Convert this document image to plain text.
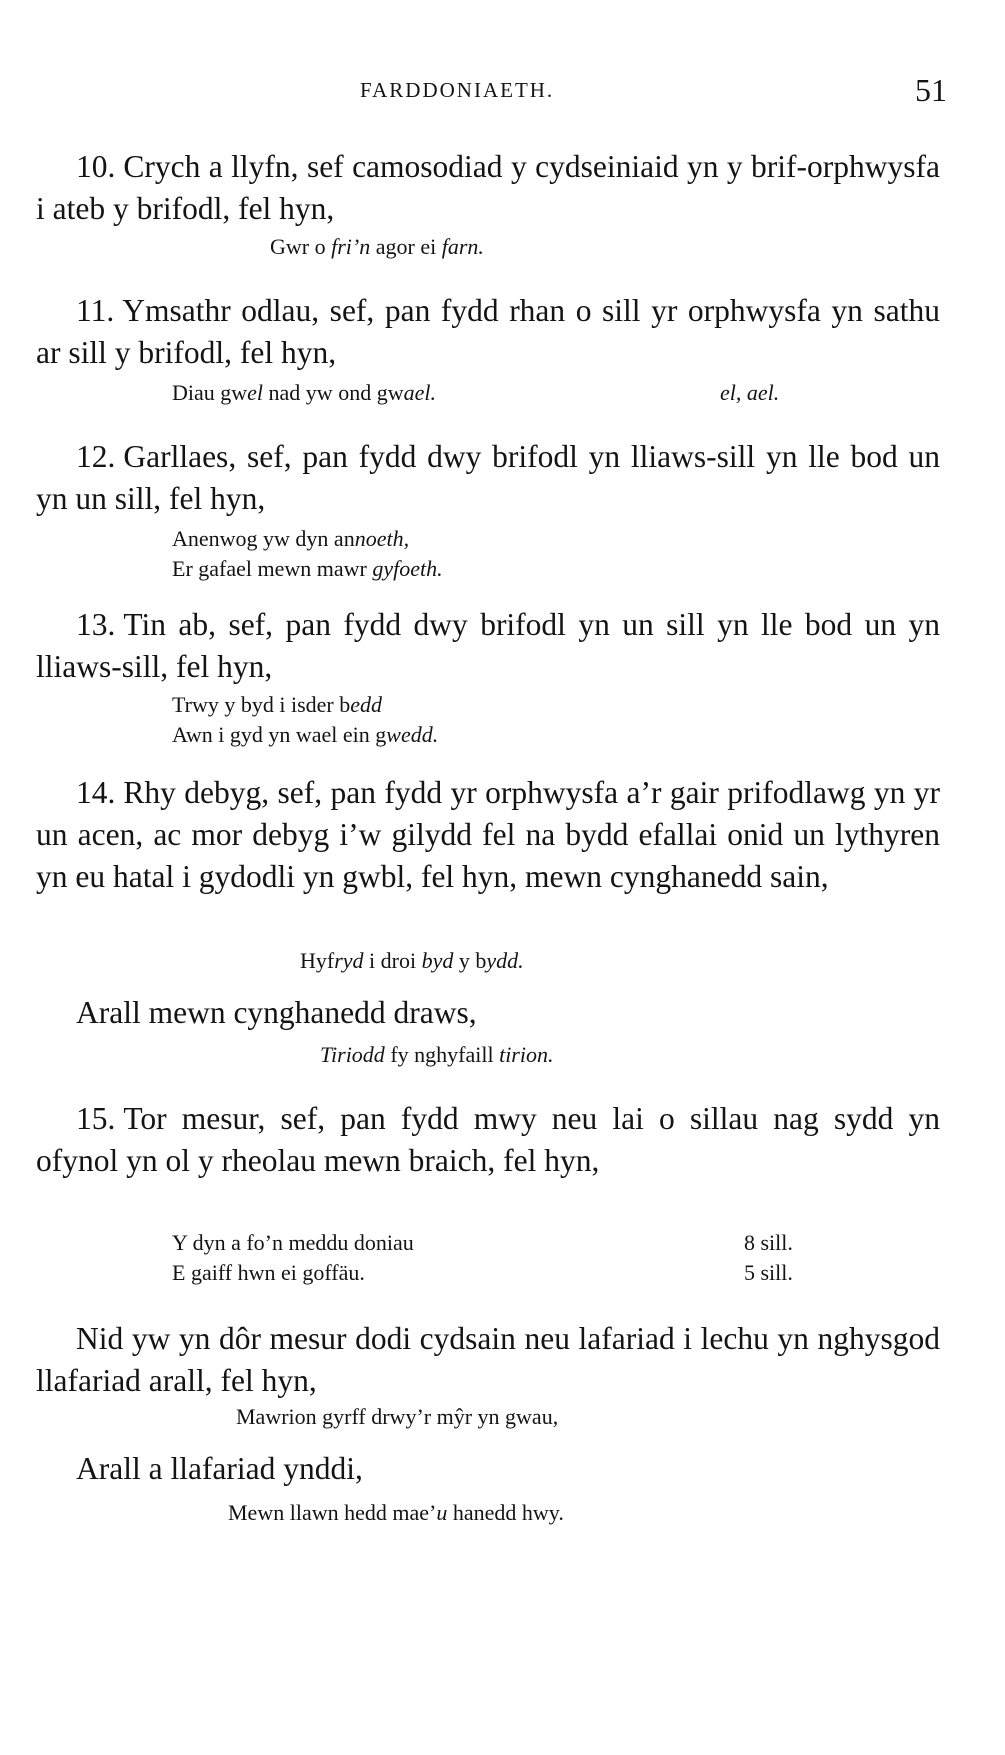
FARDDONIAETH.	51
10. Crych a llyfn, sef camosodiad y cydseiniaid yn y brif-orphwysfa i ateb y brifodl, fel hyn,
Gwr o fri’n agor ei farn.
11. Ymsathr odlau, sef, pan fydd rhan o sill yr orphwysfa yn sathu ar sill y brifodl, fel hyn,
Diau gwel nad yw ond gwael.	el, ael.
12. Garllaes, sef, pan fydd dwy brifodl yn lliaws-sill yn lle bod un yn un sill, fel hyn,
Anenwog yw dyn annoeth,
Er gafael mewn mawr gyfoeth.
13. Tin ab, sef, pan fydd dwy brifodl yn un sill yn lle bod un yn lliaws-sill, fel hyn,
Trwy y byd i isder bedd
Awn i gyd yn wael ein gwedd.
14. Rhy debyg, sef, pan fydd yr orphwysfa a’r gair prifodlawg yn yr un acen, ac mor debyg i’w gilydd fel na bydd efallai onid un lythyren yn eu hatal i gydodli yn gwbl, fel hyn, mewn cynghanedd sain,
Hyfryd i droi byd y bydd.
Arall mewn cynghanedd draws,
Tiriodd fy nghyfaill tirion.
15. Tor mesur, sef, pan fydd mwy neu lai o sillau nag sydd yn ofynol yn ol y rheolau mewn braich, fel hyn,
Y dyn a fo’n meddu doniau	8 sill.
E gaiff hwn ei goffäu.	5 sill.
Nid yw yn dôr mesur dodi cydsain neu lafariad i lechu yn nghysgod llafariad arall, fel hyn,
Mawrion gyrff drwy’r mŷr yn gwau,
Arall a llafariad ynddi,
Mewn llawn hedd mae’u hanedd hwy.
